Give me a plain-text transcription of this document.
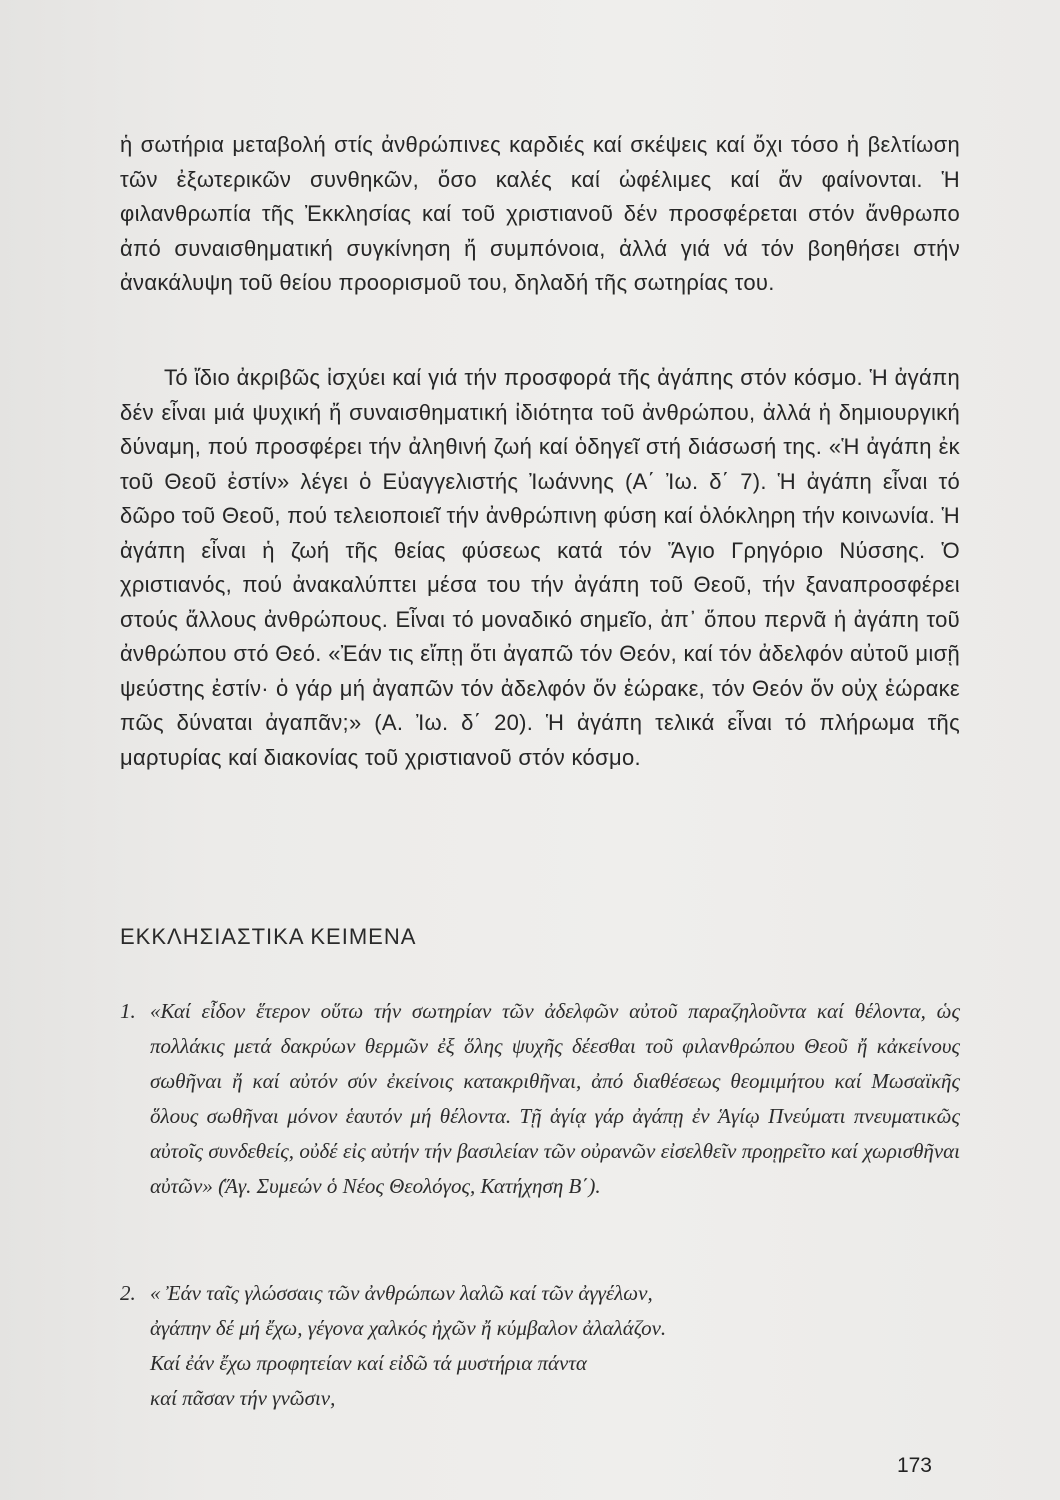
ἡ σωτήρια μεταβολή στίς ἀνθρώπινες καρδιές καί σκέψεις καί ὄχι τόσο ἡ βελτίωση τῶν ἐξωτερικῶν συνθηκῶν, ὅσο καλές καί ὠφέλιμες καί ἄν φαίνονται. Ἡ φιλανθρωπία τῆς Ἐκκλησίας καί τοῦ χριστιανοῦ δέν προσφέρεται στόν ἄνθρωπο ἀπό συναισθηματική συγκίνηση ἤ συμπόνοια, ἀλλά γιά νά τόν βοηθήσει στήν ἀνακάλυψη τοῦ θείου προορισμοῦ του, δηλαδή τῆς σωτηρίας του.

Τό ἴδιο ἀκριβῶς ἰσχύει καί γιά τήν προσφορά τῆς ἀγάπης στόν κόσμο. Ἡ ἀγάπη δέν εἶναι μιά ψυχική ἤ συναισθηματική ἰδιότητα τοῦ ἀνθρώπου, ἀλλά ἡ δημιουργική δύναμη, πού προσφέρει τήν ἀληθινή ζωή καί ὁδηγεῖ στή διάσωσή της. «Ἡ ἀγάπη ἐκ τοῦ Θεοῦ ἐστίν» λέγει ὁ Εὐαγγελιστής Ἰωάννης (Α΄ Ἰω. δ΄ 7). Ἡ ἀγάπη εἶναι τό δῶρο τοῦ Θεοῦ, πού τελειοποιεῖ τήν ἀνθρώπινη φύση καί ὁλόκληρη τήν κοινωνία. Ἡ ἀγάπη εἶναι ἡ ζωή τῆς θείας φύσεως κατά τόν Ἅγιο Γρηγόριο Νύσσης. Ὁ χριστιανός, πού ἀνακαλύπτει μέσα του τήν ἀγάπη τοῦ Θεοῦ, τήν ξαναπροσφέρει στούς ἄλλους ἀνθρώπους. Εἶναι τό μοναδικό σημεῖο, ἀπ᾿ ὅπου περνᾶ ἡ ἀγάπη τοῦ ἀνθρώπου στό Θεό. «Ἐάν τις εἴπῃ ὅτι ἀγαπῶ τόν Θεόν, καί τόν ἀδελφόν αὐτοῦ μισῇ ψεύστης ἐστίν· ὁ γάρ μή ἀγαπῶν τόν ἀδελφόν ὅν ἑώρακε, τόν Θεόν ὅν οὐχ ἑώρακε πῶς δύναται ἀγαπᾶν;» (Α. Ἰω. δ΄ 20). Ἡ ἀγάπη τελικά εἶναι τό πλήρωμα τῆς μαρτυρίας καί διακονίας τοῦ χριστιανοῦ στόν κόσμο.

ΕΚΚΛΗΣΙΑΣΤΙΚΑ ΚΕΙΜΕΝΑ
1. «Καί εἶδον ἕτερον οὕτω τήν σωτηρίαν τῶν ἀδελφῶν αὐτοῦ παραζηλοῦντα καί θέλοντα, ὡς πολλάκις μετά δακρύων θερμῶν ἐξ ὅλης ψυχῆς δέεσθαι τοῦ φιλανθρώπου Θεοῦ ἤ κἀκείνους σωθῆναι ἤ καί αὐτόν σύν ἐκείνοις κατακριθῆναι, ἀπό διαθέσεως θεομιμήτου καί Μωσαϊκῆς ὅλους σωθῆναι μόνον ἑαυτόν μή θέλοντα. Τῇ ἁγίᾳ γάρ ἀγάπῃ ἐν Ἁγίῳ Πνεύματι πνευματικῶς αὐτοῖς συνδεθείς, οὐδέ εἰς αὐτήν τήν βασιλείαν τῶν οὐρανῶν εἰσελθεῖν προῃρεῖτο καί χωρισθῆναι αὐτῶν» (Ἅγ. Συμεών ὁ Νέος Θεολόγος, Κατήχηση Β΄).
2. « Ἐάν ταῖς γλώσσαις τῶν ἀνθρώπων λαλῶ καί τῶν ἀγγέλων,
ἀγάπην δέ μή ἔχω, γέγονα χαλκός ἠχῶν ἤ κύμβαλον ἀλαλάζον.
Καί ἐάν ἔχω προφητείαν καί εἰδῶ τά μυστήρια πάντα
καί πᾶσαν τήν γνῶσιν,
173
